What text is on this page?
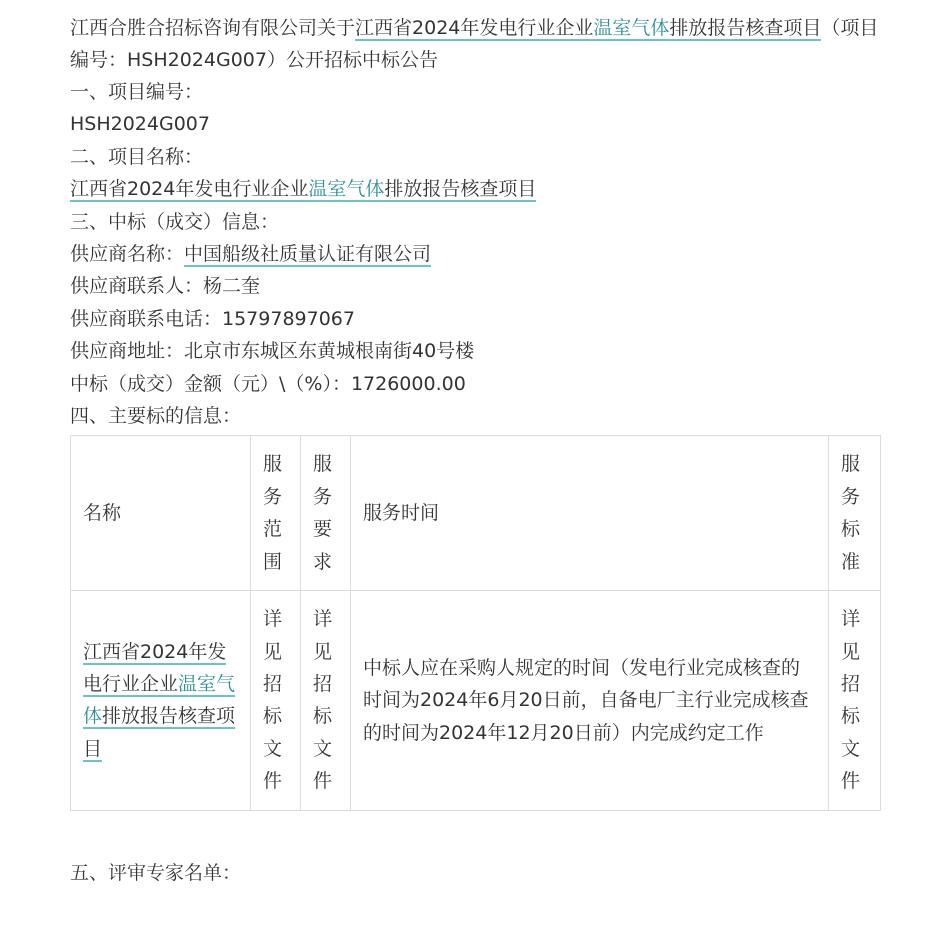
江西合胜合招标咨询有限公司关于江西省2024年发电行业企业温室气体排放报告核查项目（项目编号：HSH2024G007）公开招标中标公告

一、项目编号：

HSH2024G007

二、项目名称：

江西省2024年发电行业企业温室气体排放报告核查项目

三、中标（成交）信息：

供应商名称：中国船级社质量认证有限公司

供应商联系人：杨二奎

供应商联系电话：15797897067

供应商地址：北京市东城区东黄城根南街40号楼

中标（成交）金额（元）\（%）：1726000.00

四、主要标的信息：

名称	服务范围	服务要求	服务时间	服务标准

江西省2024年发电行业企业温室气体排放报告核查项目	详见招标文件	详见招标文件	中标人应在采购人规定的时间（发电行业完成核查的时间为2024年6月20日前，自备电厂主行业完成核查的时间为2024年12月20日前）内完成约定工作	详见招标文件

五、评审专家名单：
